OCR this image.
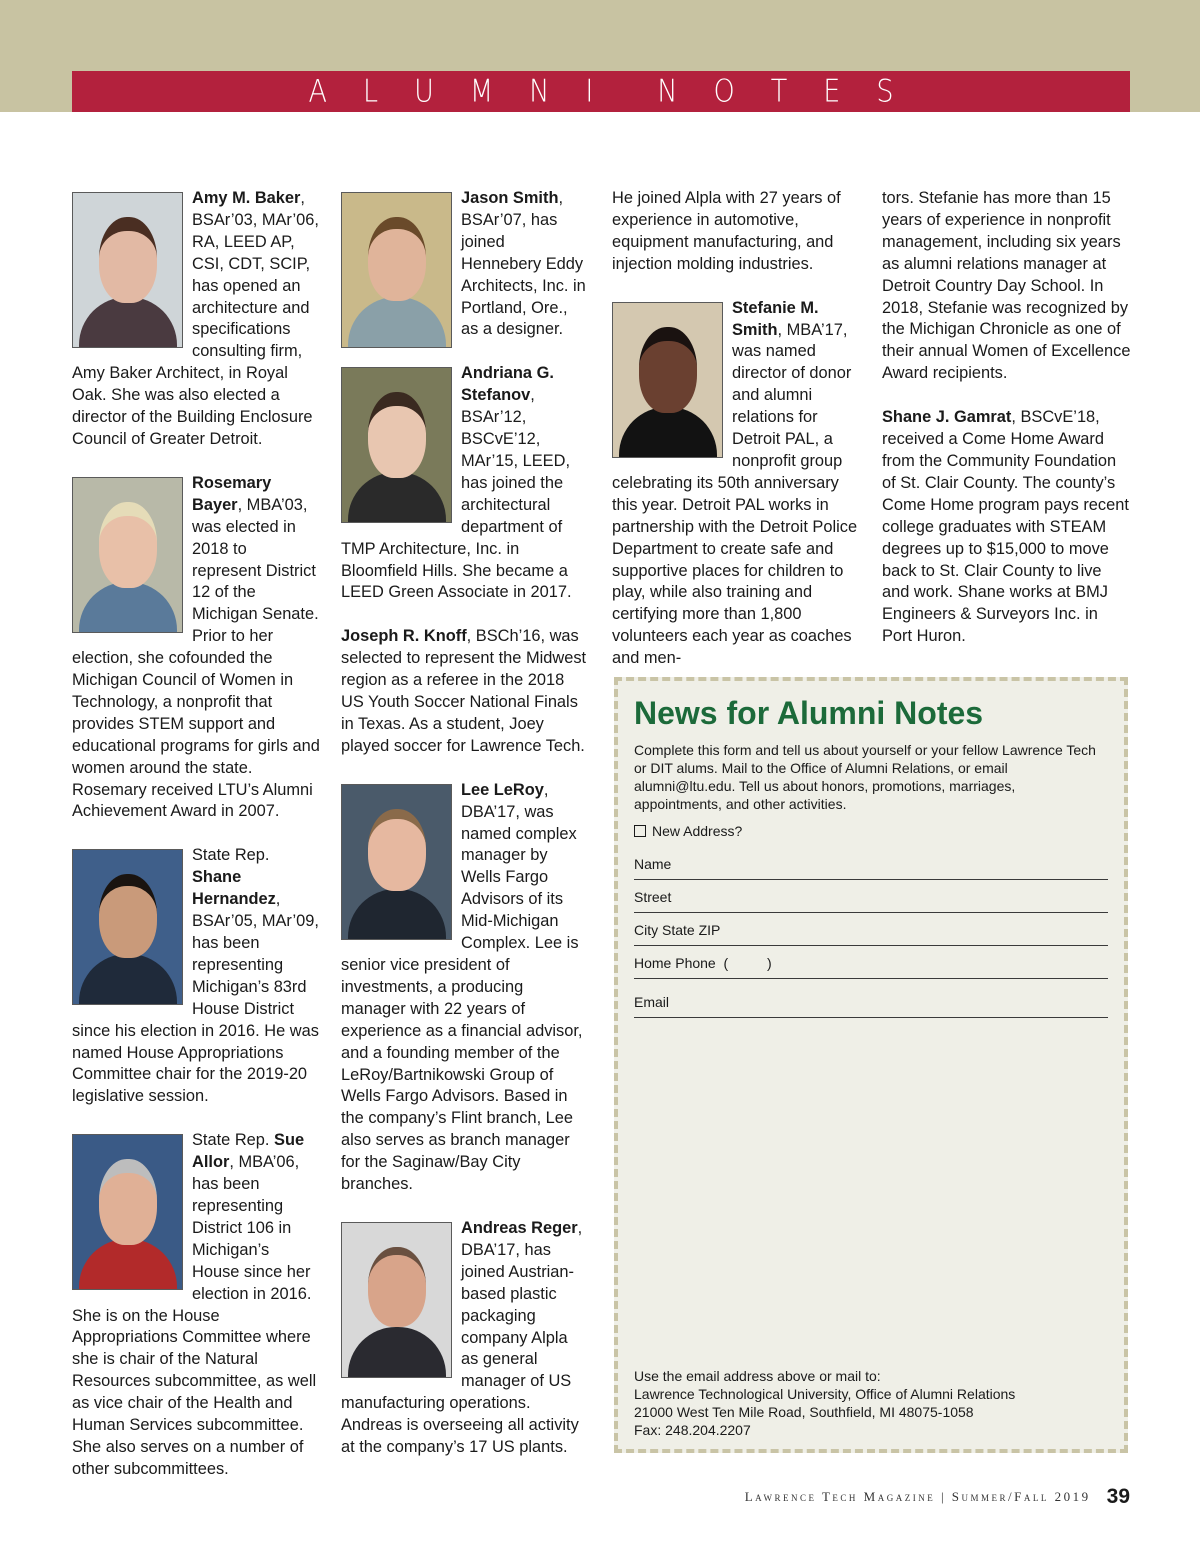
A L U M N I N O T E S

Amy M. Baker, BSAr’03, MAr’06, RA, LEED AP, CSI, CDT, SCIP, has opened an architecture and specifications consulting firm, Amy Baker Architect, in Royal Oak. She was also elected a director of the Building Enclosure Council of Greater Detroit.

Rosemary Bayer, MBA’03, was elected in 2018 to represent District 12 of the Michigan Senate. Prior to her election, she cofounded the Michigan Council of Women in Technology, a nonprofit that provides STEM support and educational programs for girls and women around the state. Rosemary received LTU’s Alumni Achievement Award in 2007.

State Rep. Shane Hernandez, BSAr’05, MAr’09, has been representing Michigan’s 83rd House District since his election in 2016. He was named House Appropriations Committee chair for the 2019-20 legislative session.

State Rep. Sue Allor, MBA’06, has been representing District 106 in Michigan’s House since her election in 2016. She is on the House Appropriations Committee where she is chair of the Natural Resources subcommittee, as well as vice chair of the Health and Human Services subcommittee. She also serves on a number of other subcommittees.

Jason Smith, BSAr’07, has joined Hennebery Eddy Architects, Inc. in Portland, Ore., as a designer.

Andriana G. Stefanov, BSAr’12, BSCvE’12, MAr’15, LEED, has joined the architectural department of TMP Architecture, Inc. in Bloomfield Hills. She became a LEED Green Associate in 2017.

Joseph R. Knoff, BSCh’16, was selected to represent the Midwest region as a referee in the 2018 US Youth Soccer National Finals in Texas. As a student, Joey played soccer for Lawrence Tech.

Lee LeRoy, DBA’17, was named complex manager by Wells Fargo Advisors of its Mid-Michigan Complex. Lee is senior vice president of investments, a producing manager with 22 years of experience as a financial advisor, and a founding member of the LeRoy/Bartnikowski Group of Wells Fargo Advisors. Based in the company’s Flint branch, Lee also serves as branch manager for the Saginaw/Bay City branches.

Andreas Reger, DBA’17, has joined Austrian-based plastic packaging company Alpla as general manager of US manufacturing operations. Andreas is overseeing all activity at the company’s 17 US plants.

He joined Alpla with 27 years of experience in automotive, equipment manufacturing, and injection molding industries.

Stefanie M. Smith, MBA’17, was named director of donor and alumni relations for Detroit PAL, a nonprofit group celebrating its 50th anniversary this year. Detroit PAL works in partnership with the Detroit Police Department to create safe and supportive places for children to play, while also training and certifying more than 1,800 volunteers each year as coaches and men-

tors. Stefanie has more than 15 years of experience in nonprofit management, including six years as alumni relations manager at Detroit Country Day School. In 2018, Stefanie was recognized by the Michigan Chronicle as one of their annual Women of Excellence Award recipients.

Shane J. Gamrat, BSCvE’18, received a Come Home Award from the Community Foundation of St. Clair County. The county’s Come Home program pays recent college graduates with STEAM degrees up to $15,000 to move back to St. Clair County to live and work. Shane works at BMJ Engineers & Surveyors Inc. in Port Huron.

News for Alumni Notes
Complete this form and tell us about yourself or your fellow Lawrence Tech or DIT alums. Mail to the Office of Alumni Relations, or email alumni@ltu.edu. Tell us about honors, promotions, marriages, appointments, and other activities.
New Address?
Name
Street
City State ZIP
Home Phone  (          )
Email
Use the email address above or mail to:
Lawrence Technological University, Office of Alumni Relations
21000 West Ten Mile Road, Southfield, MI 48075-1058
Fax: 248.204.2207
Lawrence Tech Magazine | Summer/Fall 2019 39
